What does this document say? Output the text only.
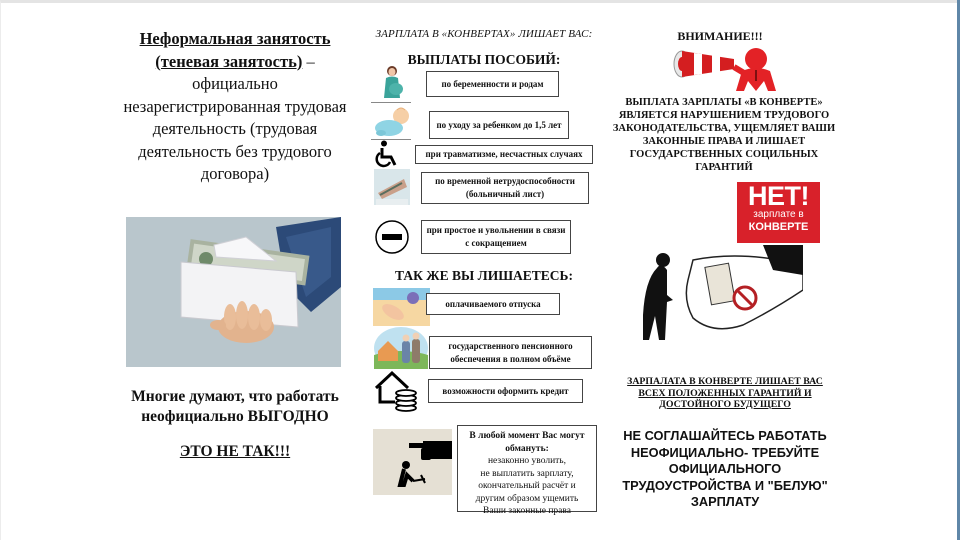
Неформальная занятость (теневая занятость) – официально незарегистрированная трудовая деятельность (трудовая деятельность без трудового договора)
Многие думают, что работать неофициально ВЫГОДНО
ЭТО НЕ ТАК!!!
ЗАРПЛАТА В «КОНВЕРТАХ» ЛИШАЕТ ВАС:
ВЫПЛАТЫ ПОСОБИЙ:
по беременности и родам
по уходу за ребенком до 1,5 лет
при травматизме, несчастных случаях
по временной нетрудоспособности (больничный лист)
при простое и увольнении в связи с сокращением
ТАК ЖЕ ВЫ ЛИШАЕТЕСЬ:
оплачиваемого отпуска
государственного пенсионного обеспечения в полном объёме
возможности оформить кредит
В любой момент Вас могут обмануть:
незаконно уволить,
не выплатить зарплату,
окончательный расчёт и
другим образом ущемить
Ваши законные права
ВНИМАНИЕ!!!
ВЫПЛАТА ЗАРПЛАТЫ «В КОНВЕРТЕ» ЯВЛЯЕТСЯ НАРУШЕНИЕМ ТРУДОВОГО ЗАКОНОДАТЕЛЬСТВА, УЩЕМЛЯЕТ ВАШИ ЗАКОННЫЕ ПРАВА И ЛИШАЕТ ГОСУДАРСТВЕННЫХ СОЦИЛЬНЫХ ГАРАНТИЙ
НЕТ!
зарплате в
КОНВЕРТЕ
ЗАРПАЛАТА В КОНВЕРТЕ ЛИШАЕТ ВАС ВСЕХ ПОЛОЖЕННЫХ ГАРАНТИЙ И ДОСТОЙНОГО БУДУЩЕГО
НЕ СОГЛАШАЙТЕСЬ РАБОТАТЬ НЕОФИЦИАЛЬНО- ТРЕБУЙТЕ ОФИЦИАЛЬНОГО ТРУДОУСТРОЙСТВА И "БЕЛУЮ" ЗАРПЛАТУ
